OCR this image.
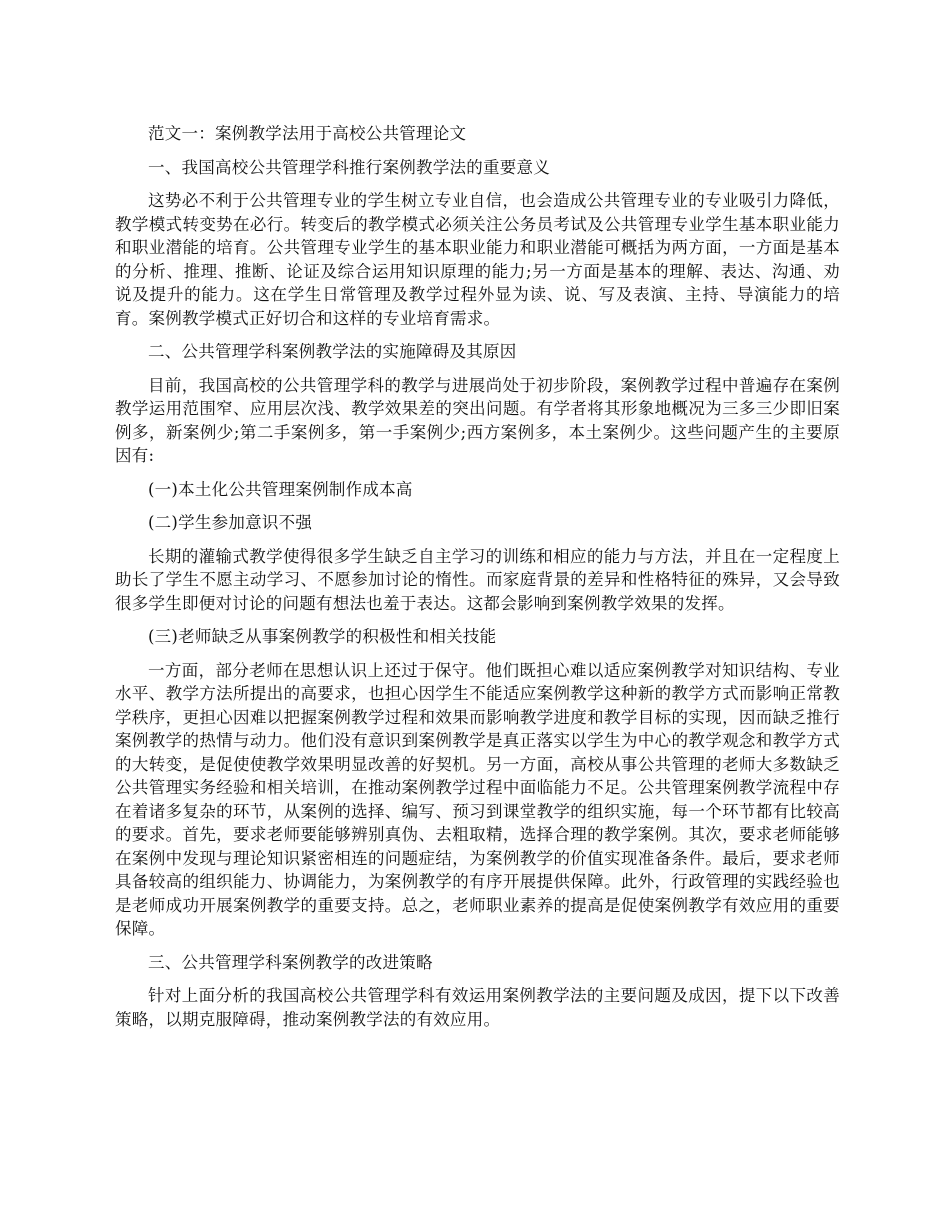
范文一：案例教学法用于高校公共管理论文

一、我国高校公共管理学科推行案例教学法的重要意义

这势必不利于公共管理专业的学生树立专业自信，也会造成公共管理专业的专业吸引力降低，教学模式转变势在必行。转变后的教学模式必须关注公务员考试及公共管理专业学生基本职业能力和职业潜能的培育。公共管理专业学生的基本职业能力和职业潜能可概括为两方面，一方面是基本的分析、推理、推断、论证及综合运用知识原理的能力;另一方面是基本的理解、表达、沟通、劝说及提升的能力。这在学生日常管理及教学过程外显为读、说、写及表演、主持、导演能力的培育。案例教学模式正好切合和这样的专业培育需求。

二、公共管理学科案例教学法的实施障碍及其原因

目前，我国高校的公共管理学科的教学与进展尚处于初步阶段，案例教学过程中普遍存在案例教学运用范围窄、应用层次浅、教学效果差的突出问题。有学者将其形象地概况为三多三少即旧案例多，新案例少;第二手案例多，第一手案例少;西方案例多，本土案例少。这些问题产生的主要原因有:

(一)本土化公共管理案例制作成本高

(二)学生参加意识不强

长期的灌输式教学使得很多学生缺乏自主学习的训练和相应的能力与方法，并且在一定程度上助长了学生不愿主动学习、不愿参加讨论的惰性。而家庭背景的差异和性格特征的殊异，又会导致很多学生即便对讨论的问题有想法也羞于表达。这都会影响到案例教学效果的发挥。

(三)老师缺乏从事案例教学的积极性和相关技能

一方面，部分老师在思想认识上还过于保守。他们既担心难以适应案例教学对知识结构、专业水平、教学方法所提出的高要求，也担心因学生不能适应案例教学这种新的教学方式而影响正常教学秩序，更担心因难以把握案例教学过程和效果而影响教学进度和教学目标的实现，因而缺乏推行案例教学的热情与动力。他们没有意识到案例教学是真正落实以学生为中心的教学观念和教学方式的大转变，是促使使教学效果明显改善的好契机。另一方面，高校从事公共管理的老师大多数缺乏公共管理实务经验和相关培训，在推动案例教学过程中面临能力不足。公共管理案例教学流程中存在着诸多复杂的环节，从案例的选择、编写、预习到课堂教学的组织实施，每一个环节都有比较高的要求。首先，要求老师要能够辨别真伪、去粗取精，选择合理的教学案例。其次，要求老师能够在案例中发现与理论知识紧密相连的问题症结，为案例教学的价值实现准备条件。最后，要求老师具备较高的组织能力、协调能力，为案例教学的有序开展提供保障。此外，行政管理的实践经验也是老师成功开展案例教学的重要支持。总之，老师职业素养的提高是促使案例教学有效应用的重要保障。

三、公共管理学科案例教学的改进策略

针对上面分析的我国高校公共管理学科有效运用案例教学法的主要问题及成因，提下以下改善策略，以期克服障碍，推动案例教学法的有效应用。
